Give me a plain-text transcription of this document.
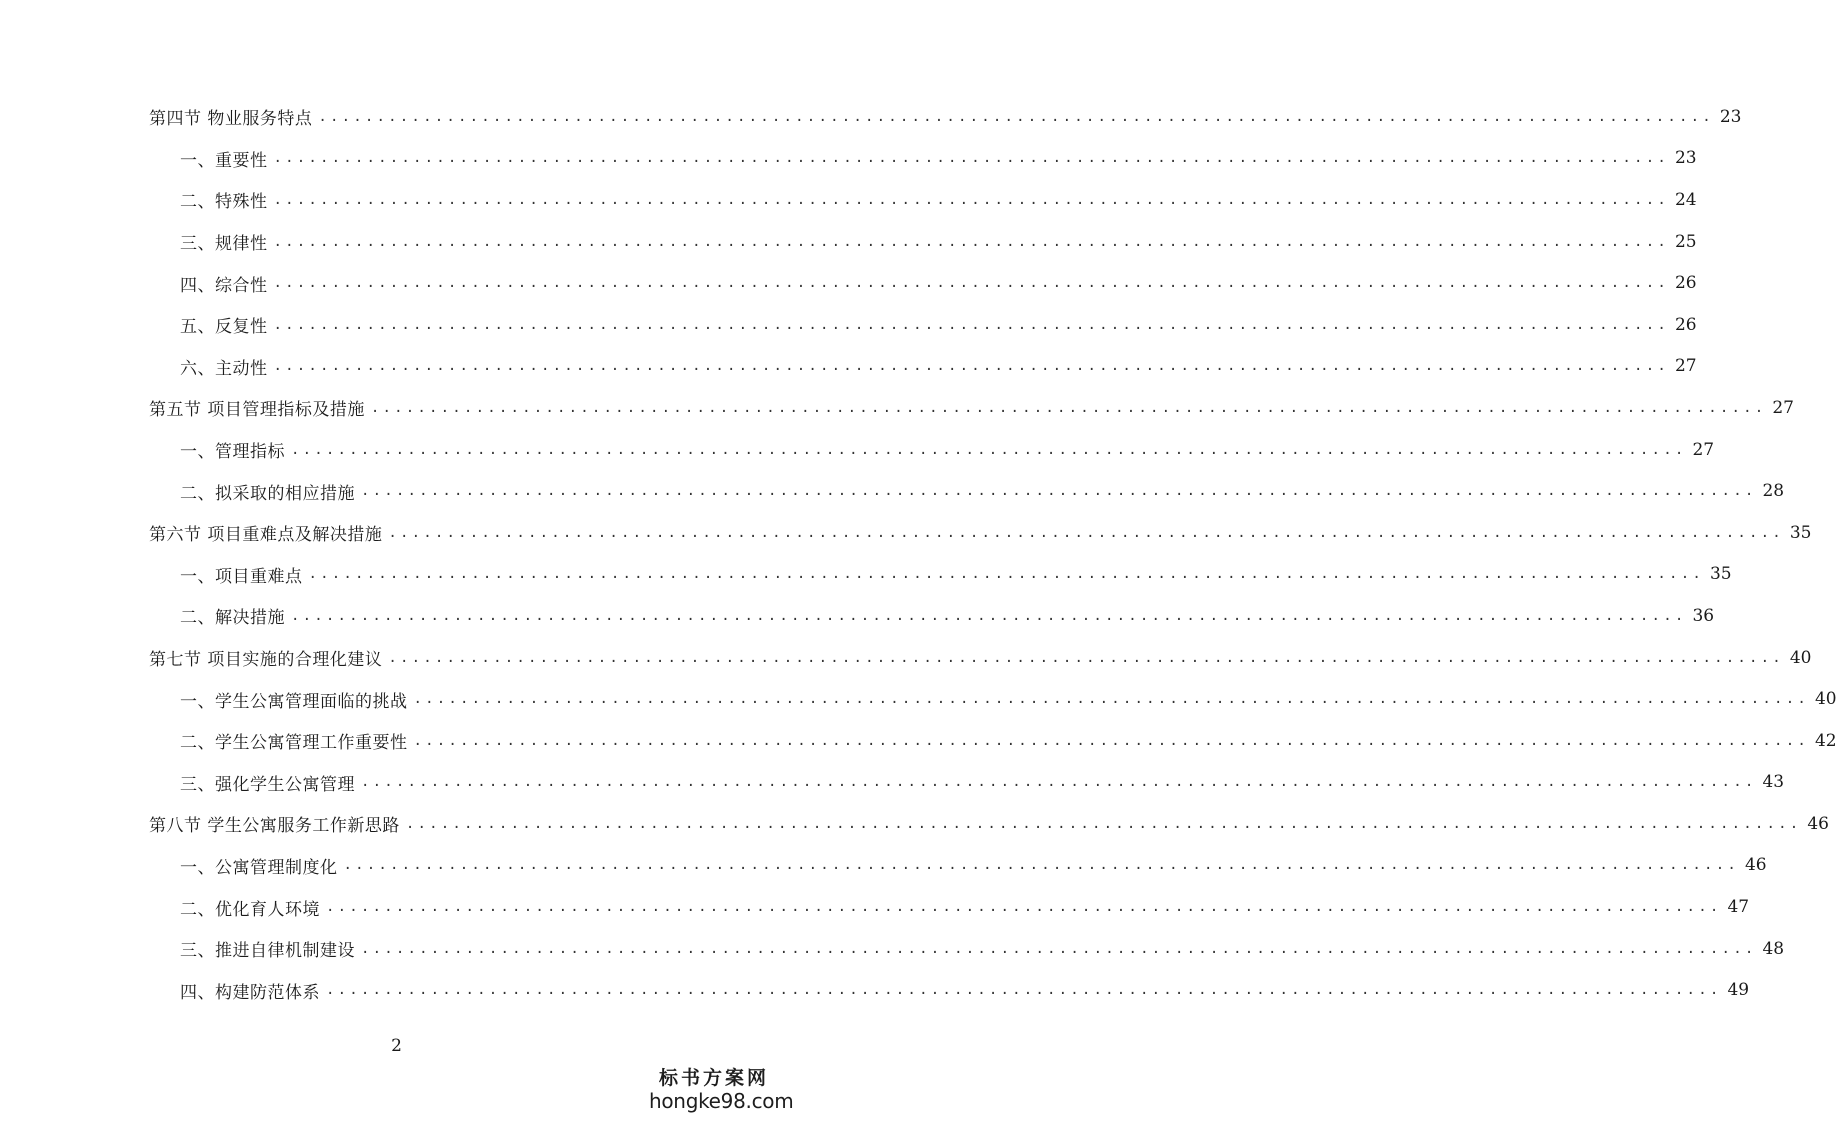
第四节 物业服务特点 ........................................................................................................................ 23
一、重要性 ........................................................................................................................ 23
二、特殊性 ........................................................................................................................ 24
三、规律性 ........................................................................................................................ 25
四、综合性 ........................................................................................................................ 26
五、反复性 ........................................................................................................................ 26
六、主动性 ........................................................................................................................ 27
第五节 项目管理指标及措施 ........................................................................................................................ 27
一、管理指标 ........................................................................................................................ 27
二、拟采取的相应措施 ........................................................................................................................ 28
第六节 项目重难点及解决措施 ........................................................................................................................ 35
一、项目重难点 ........................................................................................................................ 35
二、解决措施 ........................................................................................................................ 36
第七节 项目实施的合理化建议 ........................................................................................................................ 40
一、学生公寓管理面临的挑战 ........................................................................................................................ 40
二、学生公寓管理工作重要性 ........................................................................................................................ 42
三、强化学生公寓管理 ........................................................................................................................ 43
第八节 学生公寓服务工作新思路 ........................................................................................................................ 46
一、公寓管理制度化 ........................................................................................................................ 46
二、优化育人环境 ........................................................................................................................ 47
三、推进自律机制建设 ........................................................................................................................ 48
四、构建防范体系 ........................................................................................................................ 49
2
标书方案网
hongke98.com
